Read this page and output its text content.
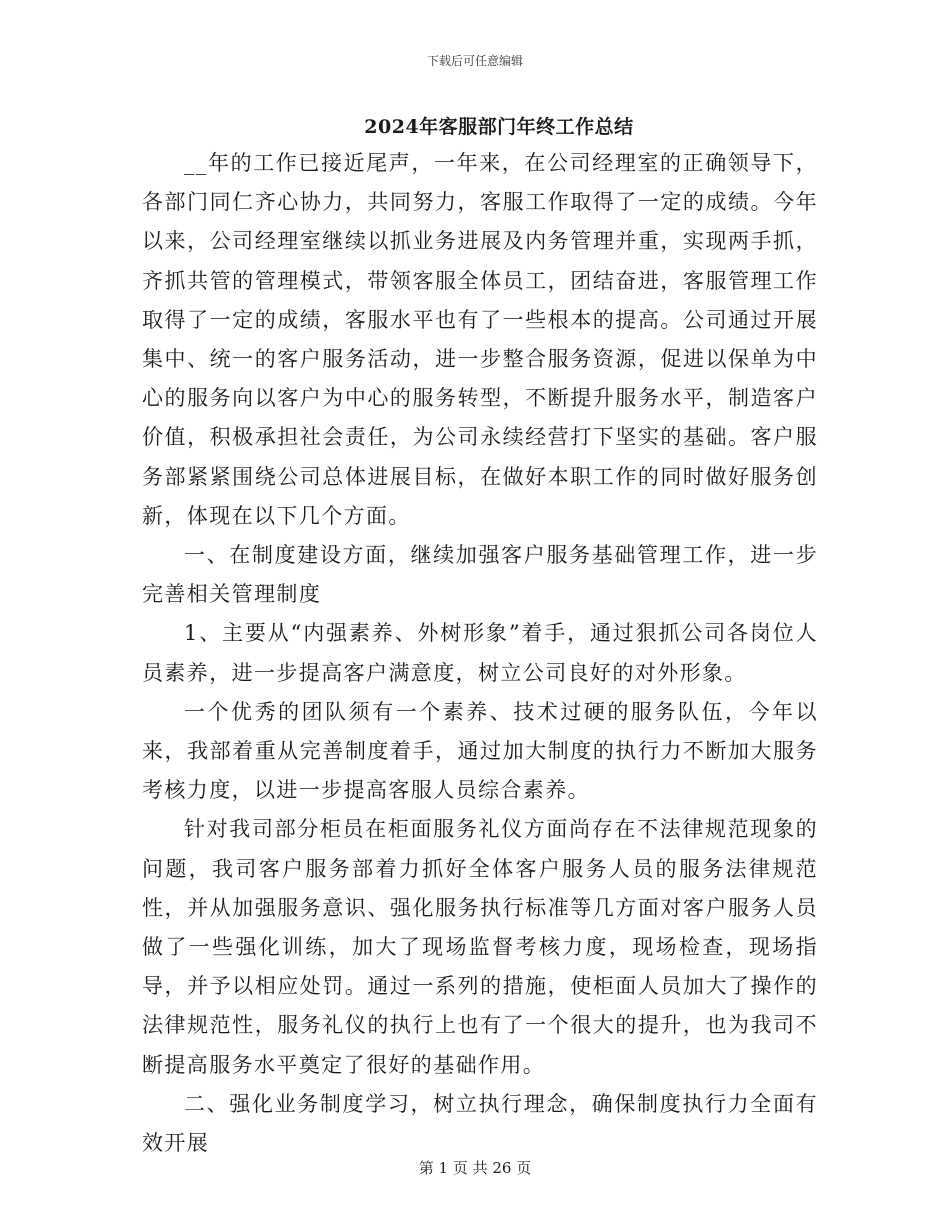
下载后可任意编辑
2024年客服部门年终工作总结

__年的工作已接近尾声，一年来，在公司经理室的正确领导下，各部门同仁齐心协力，共同努力，客服工作取得了一定的成绩。今年以来，公司经理室继续以抓业务进展及内务管理并重，实现两手抓，齐抓共管的管理模式，带领客服全体员工，团结奋进，客服管理工作取得了一定的成绩，客服水平也有了一些根本的提高。公司通过开展集中、统一的客户服务活动，进一步整合服务资源，促进以保单为中心的服务向以客户为中心的服务转型，不断提升服务水平，制造客户价值，积极承担社会责任，为公司永续经营打下坚实的基础。客户服务部紧紧围绕公司总体进展目标，在做好本职工作的同时做好服务创新，体现在以下几个方面。

一、在制度建设方面，继续加强客户服务基础管理工作，进一步完善相关管理制度

1、主要从“内强素养、外树形象”着手，通过狠抓公司各岗位人员素养，进一步提高客户满意度，树立公司良好的对外形象。

一个优秀的团队须有一个素养、技术过硬的服务队伍，今年以来，我部着重从完善制度着手，通过加大制度的执行力不断加大服务考核力度，以进一步提高客服人员综合素养。

针对我司部分柜员在柜面服务礼仪方面尚存在不法律规范现象的问题，我司客户服务部着力抓好全体客户服务人员的服务法律规范性，并从加强服务意识、强化服务执行标准等几方面对客户服务人员做了一些强化训练，加大了现场监督考核力度，现场检查，现场指导，并予以相应处罚。通过一系列的措施，使柜面人员加大了操作的法律规范性，服务礼仪的执行上也有了一个很大的提升，也为我司不断提高服务水平奠定了很好的基础作用。

二、强化业务制度学习，树立执行理念，确保制度执行力全面有效开展

第 1 页 共 26 页
